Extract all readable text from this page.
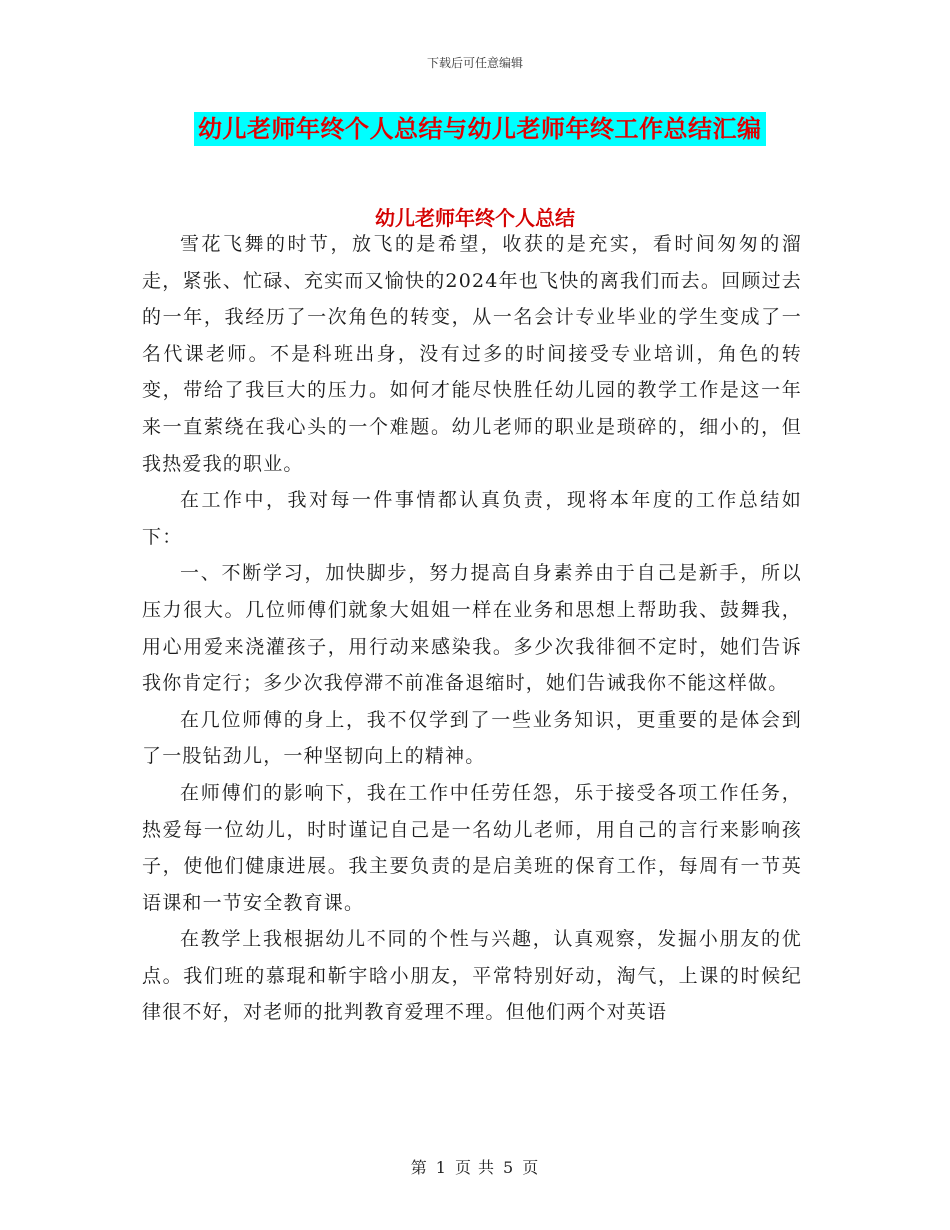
下载后可任意编辑
幼儿老师年终个人总结与幼儿老师年终工作总结汇编
幼儿老师年终个人总结

雪花飞舞的时节，放飞的是希望，收获的是充实，看时间匆匆的溜走，紧张、忙碌、充实而又愉快的2024年也飞快的离我们而去。回顾过去的一年，我经历了一次角色的转变，从一名会计专业毕业的学生变成了一名代课老师。不是科班出身，没有过多的时间接受专业培训，角色的转变，带给了我巨大的压力。如何才能尽快胜任幼儿园的教学工作是这一年来一直萦绕在我心头的一个难题。幼儿老师的职业是琐碎的，细小的，但我热爱我的职业。

在工作中，我对每一件事情都认真负责，现将本年度的工作总结如下：

一、不断学习，加快脚步，努力提高自身素养由于自己是新手，所以压力很大。几位师傅们就象大姐姐一样在业务和思想上帮助我、鼓舞我，用心用爱来浇灌孩子，用行动来感染我。多少次我徘徊不定时，她们告诉我你肯定行；多少次我停滞不前准备退缩时，她们告诫我你不能这样做。

在几位师傅的身上，我不仅学到了一些业务知识，更重要的是体会到了一股钻劲儿，一种坚韧向上的精神。

在师傅们的影响下，我在工作中任劳任怨，乐于接受各项工作任务，热爱每一位幼儿，时时谨记自己是一名幼儿老师，用自己的言行来影响孩子，使他们健康进展。我主要负责的是启美班的保育工作，每周有一节英语课和一节安全教育课。

在教学上我根据幼儿不同的个性与兴趣，认真观察，发掘小朋友的优点。我们班的慕琨和靳宇晗小朋友，平常特别好动，淘气，上课的时候纪律很不好，对老师的批判教育爱理不理。但他们两个对英语

第 1 页 共 5 页
